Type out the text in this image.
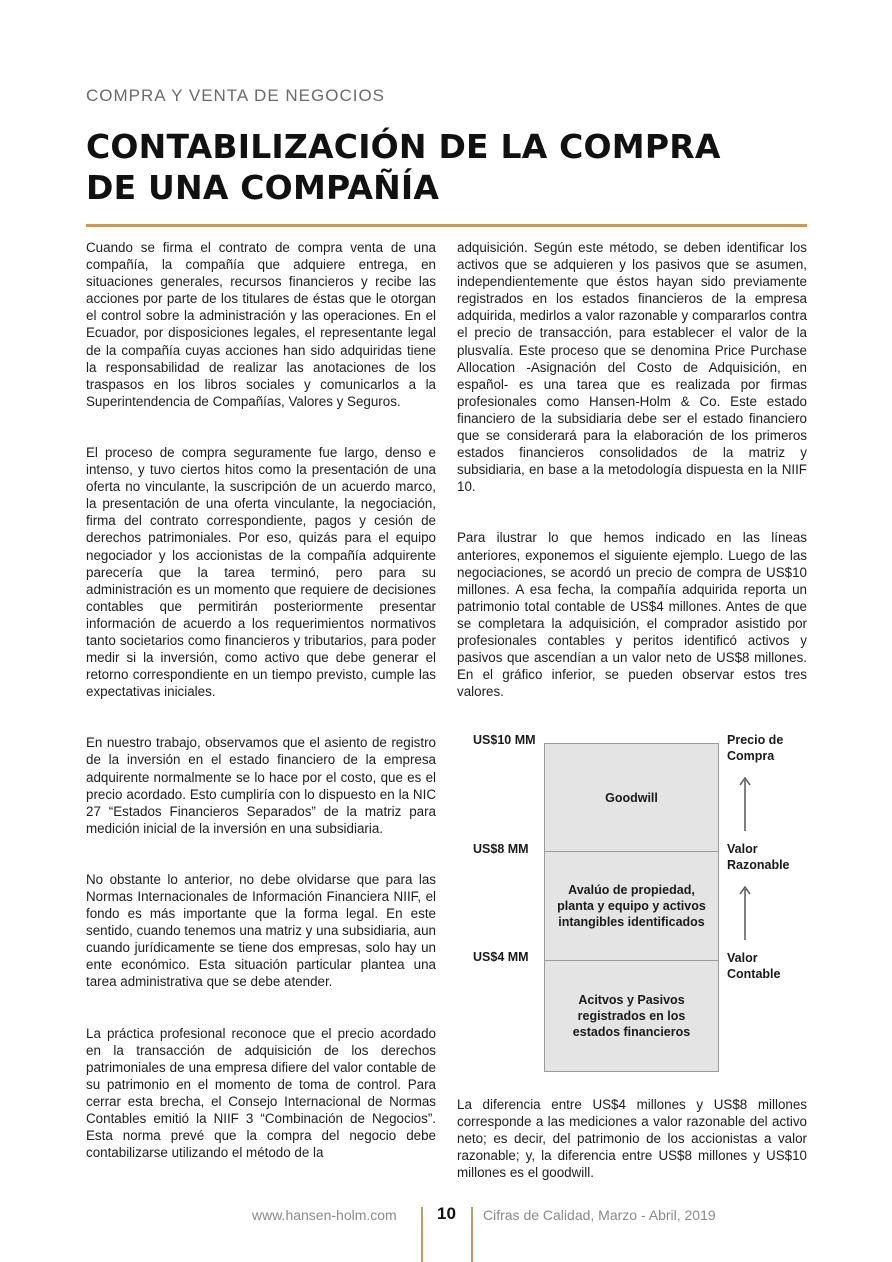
COMPRA Y VENTA DE NEGOCIOS
CONTABILIZACIÓN DE LA COMPRA
DE UNA COMPAÑÍA

Cuando se firma el contrato de compra venta de una compañía, la compañía que adquiere entrega, en situaciones generales, recursos financieros y recibe las acciones por parte de los titulares de éstas que le otorgan el control sobre la administración y las operaciones. En el Ecuador, por disposiciones legales, el representante legal de la compañía cuyas acciones han sido adquiridas tiene la responsabilidad de realizar las anotaciones de los traspasos en los libros sociales y comunicarlos a la Superintendencia de Compañías, Valores y Seguros.

El proceso de compra seguramente fue largo, denso e intenso, y tuvo ciertos hitos como la presentación de una oferta no vinculante, la suscripción de un acuerdo marco, la presentación de una oferta vinculante, la negociación, firma del contrato correspondiente, pagos y cesión de derechos patrimoniales. Por eso, quizás para el equipo negociador y los accionistas de la compañía adquirente parecería que la tarea terminó, pero para su administración es un momento que requiere de decisiones contables que permitirán posteriormente presentar información de acuerdo a los requerimientos normativos tanto societarios como financieros y tributarios, para poder medir si la inversión, como activo que debe generar el retorno correspondiente en un tiempo previsto, cumple las expectativas iniciales.

En nuestro trabajo, observamos que el asiento de registro de la inversión en el estado financiero de la empresa adquirente normalmente se lo hace por el costo, que es el precio acordado. Esto cumpliría con lo dispuesto en la NIC 27 “Estados Financieros Separados” de la matriz para medición inicial de la inversión en una subsidiaria.

No obstante lo anterior, no debe olvidarse que para las Normas Internacionales de Información Financiera NIIF, el fondo es más importante que la forma legal. En este sentido, cuando tenemos una matriz y una subsidiaria, aun cuando jurídicamente se tiene dos empresas, solo hay un ente económico. Esta situación particular plantea una tarea administrativa que se debe atender.

La práctica profesional reconoce que el precio acordado en la transacción de adquisición de los derechos patrimoniales de una empresa difiere del valor contable de su patrimonio en el momento de toma de control. Para cerrar esta brecha, el Consejo Internacional de Normas Contables emitió la NIIF 3 “Combinación de Negocios”. Esta norma prevé que la compra del negocio debe contabilizarse utilizando el método de la

adquisición. Según este método, se deben identificar los activos que se adquieren y los pasivos que se asumen, independientemente que éstos hayan sido previamente registrados en los estados financieros de la empresa adquirida, medirlos a valor razonable y compararlos contra el precio de transacción, para establecer el valor de la plusvalía. Este proceso que se denomina Price Purchase Allocation -Asignación del Costo de Adquisición, en español- es una tarea que es realizada por firmas profesionales como Hansen-Holm & Co. Este estado financiero de la subsidiaria debe ser el estado financiero que se considerará para la elaboración de los primeros estados financieros consolidados de la matriz y subsidiaria, en base a la metodología dispuesta en la NIIF 10.

Para ilustrar lo que hemos indicado en las líneas anteriores, exponemos el siguiente ejemplo. Luego de las negociaciones, se acordó un precio de compra de US$10 millones. A esa fecha, la compañía adquirida reporta un patrimonio total contable de US$4 millones. Antes de que se completara la adquisición, el comprador asistido por profesionales contables y peritos identificó activos y pasivos que ascendían a un valor neto de US$8 millones. En el gráfico inferior, se pueden observar estos tres valores.

Goodwill
Avalúo de propiedad, planta y equipo y activos intangibles identificados
Acitvos y Pasivos registrados en los estados financieros
US$10 MM
US$8 MM
US$4 MM
Precio de Compra
Valor Razonable
Valor Contable

La diferencia entre US$4 millones y US$8 millones corresponde a las mediciones a valor razonable del activo neto; es decir, del patrimonio de los accionistas a valor razonable; y, la diferencia entre US$8 millones y US$10 millones es el goodwill.

www.hansen-holm.com 10 Cifras de Calidad, Marzo - Abril, 2019
